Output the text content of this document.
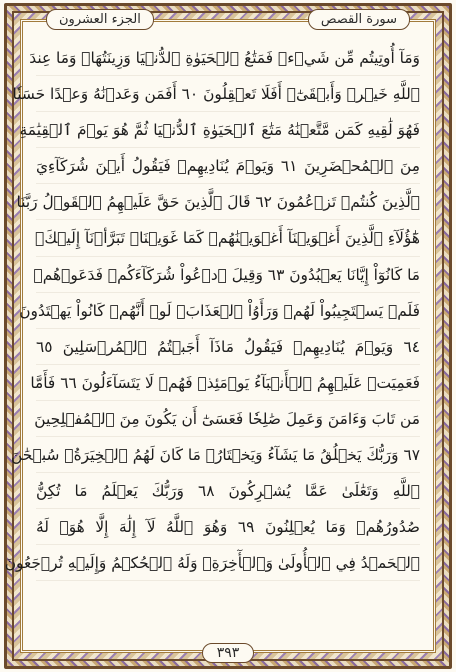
الجزء العشرون	سورة القصص
وَمَآ أُوتِيتُم مِّن شَيۡءٖ فَمَتَٰعُ ٱلۡحَيَوٰةِ ٱلدُّنۡيَا وَزِينَتُهَاۚ وَمَا عِندَ
ٱللَّهِ خَيۡرٞ وَأَبۡقَىٰٓۚ أَفَلَا تَعۡقِلُونَ ٦٠ أَفَمَن وَعَدۡنَٰهُ وَعۡدًا حَسَنٗا
فَهُوَ لَٰقِيهِ كَمَن مَّتَّعۡنَٰهُ مَتَٰعَ ٱلۡحَيَوٰةِ ٱلدُّنۡيَا ثُمَّ هُوَ يَوۡمَ ٱلۡقِيَٰمَةِ
مِنَ ٱلۡمُحۡضَرِينَ ٦١ وَيَوۡمَ يُنَادِيهِمۡ فَيَقُولُ أَيۡنَ شُرَكَآءِيَ
ٱلَّذِينَ كُنتُمۡ تَزۡعُمُونَ ٦٢ قَالَ ٱلَّذِينَ حَقَّ عَلَيۡهِمُ ٱلۡقَوۡلُ رَبَّنَا
هَٰٓؤُلَآءِ ٱلَّذِينَ أَغۡوَيۡنَآ أَغۡوَيۡنَٰهُمۡ كَمَا غَوَيۡنَاۖ تَبَرَّأۡنَآ إِلَيۡكَۖ
مَا كَانُوٓاْ إِيَّانَا يَعۡبُدُونَ ٦٣ وَقِيلَ ٱدۡعُواْ شُرَكَآءَكُمۡ فَدَعَوۡهُمۡ
فَلَمۡ يَسۡتَجِيبُواْ لَهُمۡ وَرَأَوُاْ ٱلۡعَذَابَۚ لَوۡ أَنَّهُمۡ كَانُواْ يَهۡتَدُونَ
٦٤ وَيَوۡمَ يُنَادِيهِمۡ فَيَقُولُ مَاذَآ أَجَبۡتُمُ ٱلۡمُرۡسَلِينَ ٦٥
فَعَمِيَتۡ عَلَيۡهِمُ ٱلۡأَنۢبَآءُ يَوۡمَئِذٖ فَهُمۡ لَا يَتَسَآءَلُونَ ٦٦ فَأَمَّا
مَن تَابَ وَءَامَنَ وَعَمِلَ صَٰلِحٗا فَعَسَىٰٓ أَن يَكُونَ مِنَ ٱلۡمُفۡلِحِينَ
٦٧ وَرَبُّكَ يَخۡلُقُ مَا يَشَآءُ وَيَخۡتَارُۗ مَا كَانَ لَهُمُ ٱلۡخِيَرَةُۚ سُبۡحَٰنَ
ٱللَّهِ وَتَعَٰلَىٰ عَمَّا يُشۡرِكُونَ ٦٨ وَرَبُّكَ يَعۡلَمُ مَا تُكِنُّ
صُدُورُهُمۡ وَمَا يُعۡلِنُونَ ٦٩ وَهُوَ ٱللَّهُ لَآ إِلَٰهَ إِلَّا هُوَۖ لَهُ
ٱلۡحَمۡدُ فِي ٱلۡأُولَىٰ وَٱلۡأٓخِرَةِۖ وَلَهُ ٱلۡحُكۡمُ وَإِلَيۡهِ تُرۡجَعُونَ
٣٩٣
